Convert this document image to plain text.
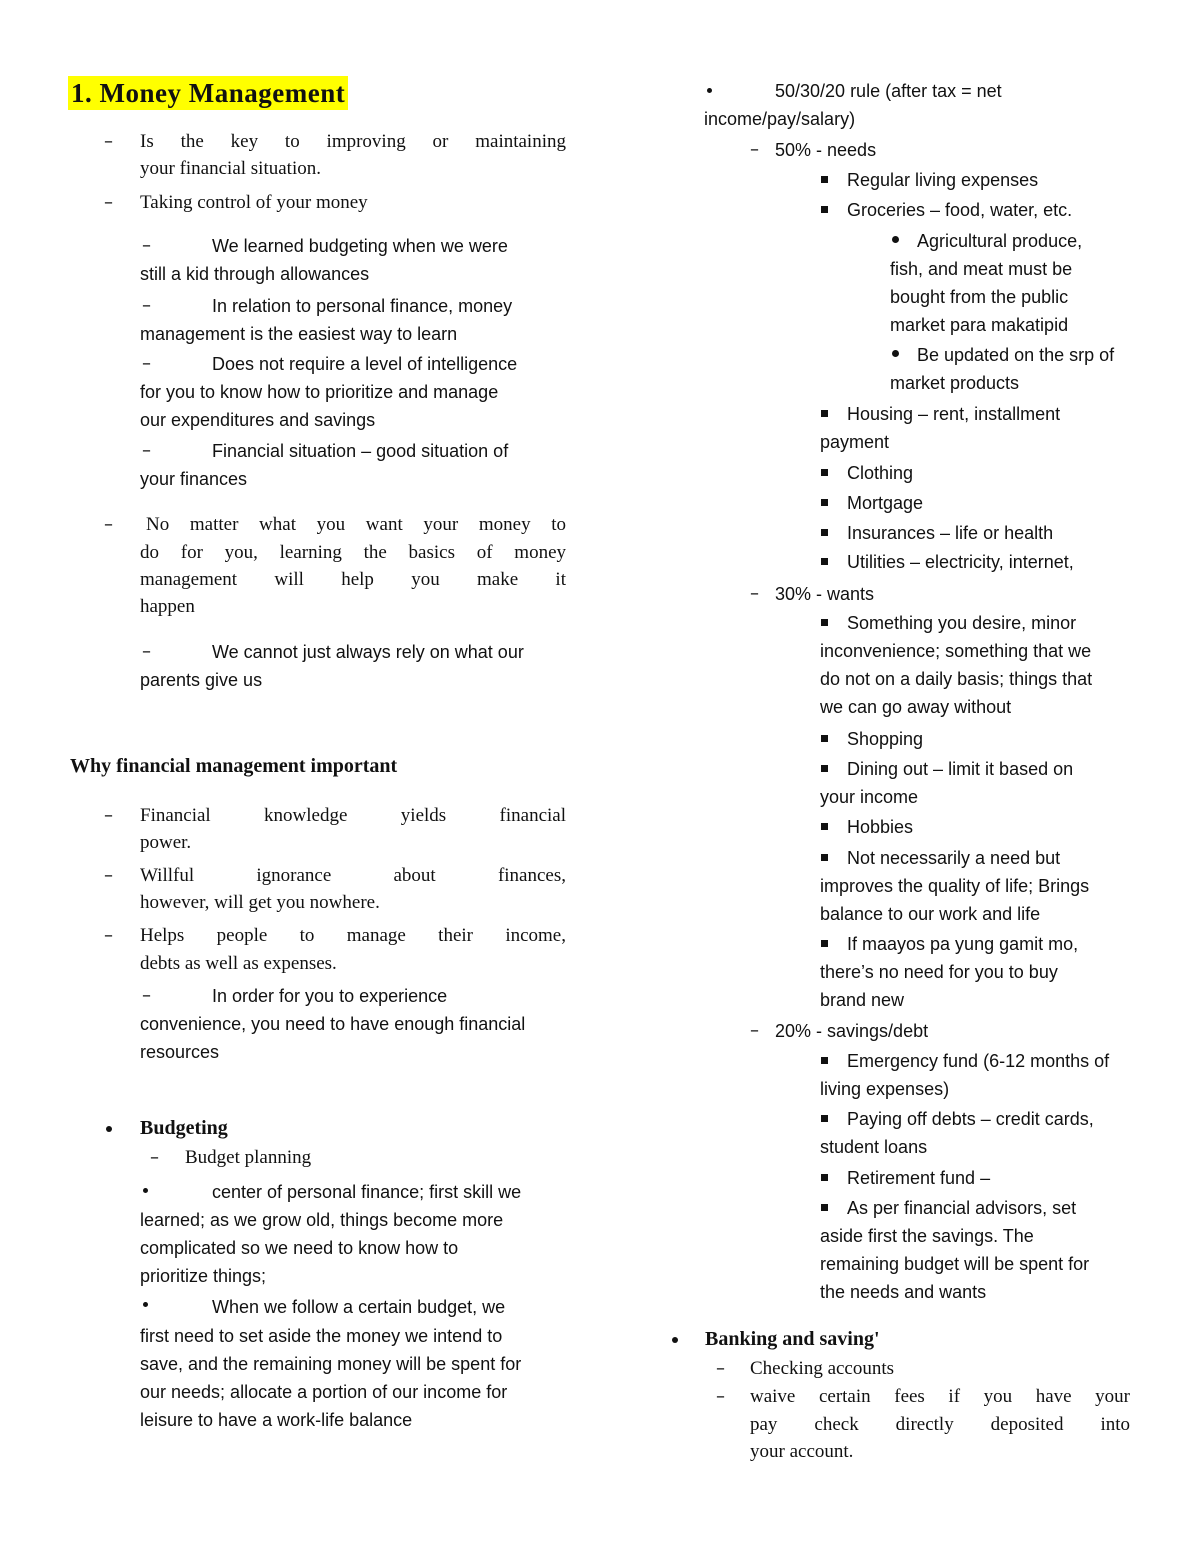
1. Money Management
– Is the key to improving or maintaining
your financial situation.
– Taking control of your money
–	We learned budgeting when we were
still a kid through allowances
–	In relation to personal finance, money
management is the easiest way to learn
–	Does not require a level of intelligence
for you to know how to prioritize and manage
our expenditures and savings
–	Financial situation – good situation of
your finances
– No matter what you want your money to
do for you, learning the basics of money
management will help you make it
happen
–	We cannot just always rely on what our
parents give us
Why financial management important
– Financial knowledge yields financial
power.
– Willful ignorance about finances,
however, will get you nowhere.
– Helps people to manage their income,
debts as well as expenses.
–	In order for you to experience
convenience, you need to have enough financial
resources
Budgeting
– Budget planning
center of personal finance; first skill we
learned; as we grow old, things become more
complicated so we need to know how to
prioritize things;
When we follow a certain budget, we
first need to set aside the money we intend to
save, and the remaining money will be spent for
our needs; allocate a portion of our income for
leisure to have a work-life balance
50/30/20 rule (after tax = net
income/pay/salary)
– 50% - needs
Regular living expenses
Groceries – food, water, etc.
Agricultural produce,
fish, and meat must be
bought from the public
market para makatipid
Be updated on the srp of
market products
Housing – rent, installment
payment
Clothing
Mortgage
Insurances – life or health
Utilities – electricity, internet,
– 30% - wants
Something you desire, minor
inconvenience; something that we
do not on a daily basis; things that
we can go away without
Shopping
Dining out – limit it based on
your income
Hobbies
Not necessarily a need but
improves the quality of life; Brings
balance to our work and life
If maayos pa yung gamit mo,
there’s no need for you to buy
brand new
– 20% - savings/debt
Emergency fund (6-12 months of
living expenses)
Paying off debts – credit cards,
student loans
Retirement fund –
As per financial advisors, set
aside first the savings. The
remaining budget will be spent for
the needs and wants
Banking and saving'
– Checking accounts
– waive certain fees if you have your
pay check directly deposited into
your account.
